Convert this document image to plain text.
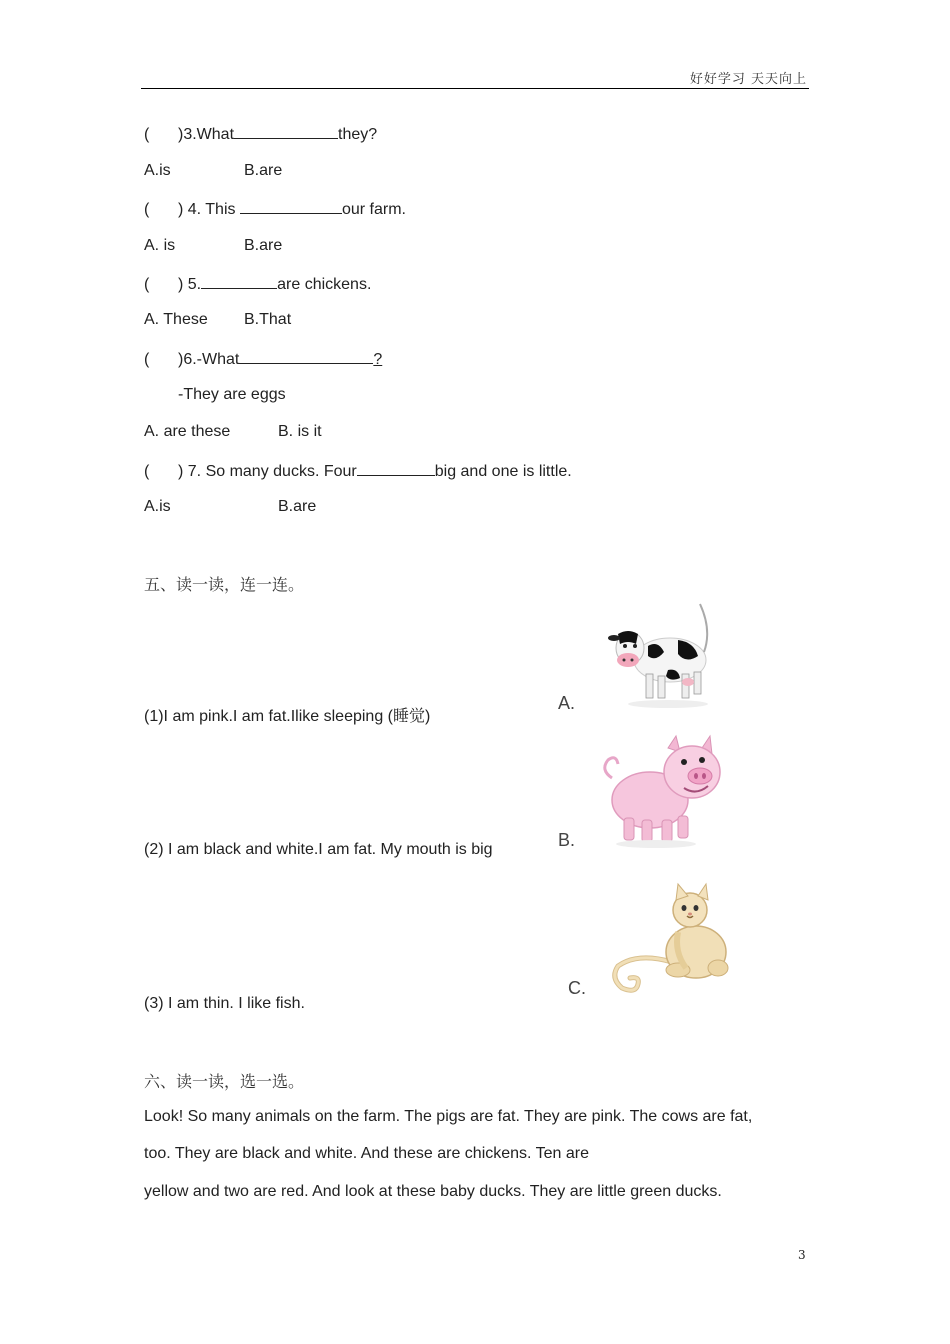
好好学习 天天向上
( )3.What	they?
A.is	B.are
( ) 4. This	our farm.
A. is	B.are
( ) 5.	are chickens.
A. These B.That
( )6.-What	?
-They are eggs
A. are these	B. is it
( ) 7. So many ducks. Four	big and one is little.
A.is	B.are
五、读一读，连一连。
(1)I am pink.I am fat.Ilike sleeping (睡觉)
(2) I am black and white.I am fat. My mouth is big
(3) I am thin. I like fish.
A.
B.
C.
六、读一读，选一选。
Look! So many animals on the farm. The pigs are fat. They are pink. The cows are fat,
too. They are black and white. And these are chickens. Ten are
yellow and two are red. And look at these baby ducks. They are little green ducks.
3
